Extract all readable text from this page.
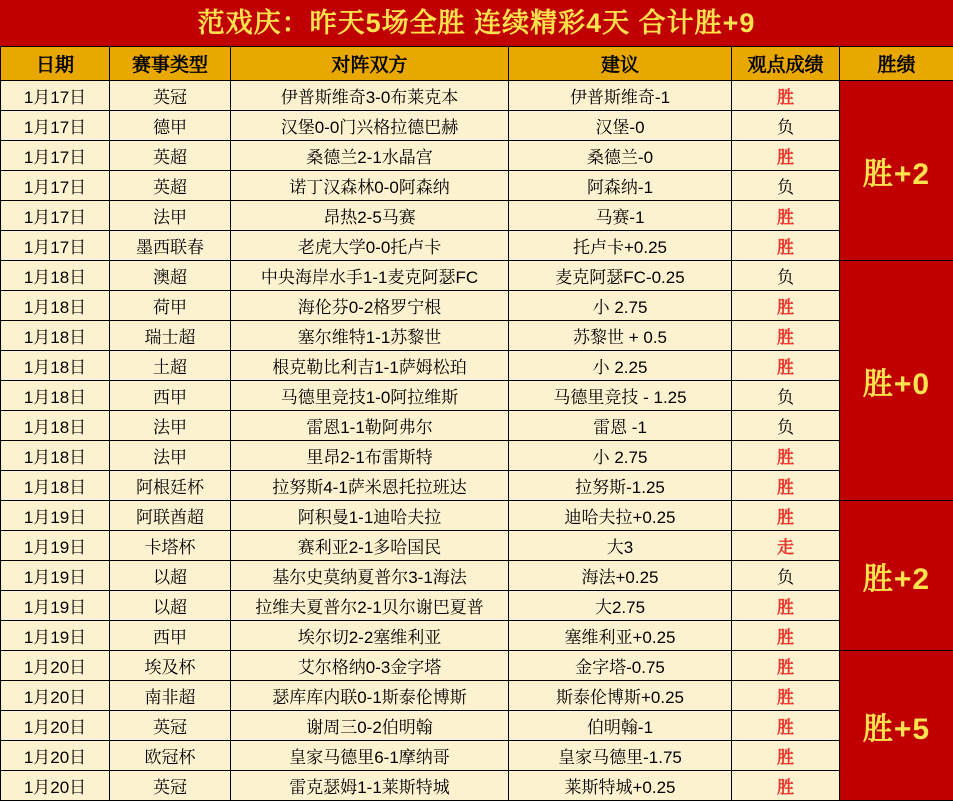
范戏庆：昨天5场全胜 连续精彩4天 合计胜+9
日期	赛事类型	对阵双方	建议	观点成绩	胜绩
1月17日	英冠	伊普斯维奇3-0布莱克本	伊普斯维奇-1	胜	胜+2
1月17日	德甲	汉堡0-0门兴格拉德巴赫	汉堡-0	负	
1月17日	英超	桑德兰2-1水晶宫	桑德兰-0	胜	
1月17日	英超	诺丁汉森林0-0阿森纳	阿森纳-1	负	
1月17日	法甲	昂热2-5马赛	马赛-1	胜	
1月17日	墨西联春	老虎大学0-0托卢卡	托卢卡+0.25	胜	
1月18日	澳超	中央海岸水手1-1麦克阿瑟FC	麦克阿瑟FC-0.25	负	胜+0
1月18日	荷甲	海伦芬0-2格罗宁根	小 2.75	胜	
1月18日	瑞士超	塞尔维特1-1苏黎世	苏黎世 + 0.5	胜	
1月18日	土超	根克勒比利吉1-1萨姆松珀	小 2.25	胜	
1月18日	西甲	马德里竞技1-0阿拉维斯	马德里竞技 - 1.25	负	
1月18日	法甲	雷恩1-1勒阿弗尔	雷恩 -1	负	
1月18日	法甲	里昂2-1布雷斯特	小 2.75	胜	
1月18日	阿根廷杯	拉努斯4-1萨米恩托拉班达	拉努斯-1.25	胜	
1月19日	阿联酋超	阿积曼1-1迪哈夫拉	迪哈夫拉+0.25	胜	胜+2
1月19日	卡塔杯	赛利亚2-1多哈国民	大3	走	
1月19日	以超	基尔史莫纳夏普尔3-1海法	海法+0.25	负	
1月19日	以超	拉维夫夏普尔2-1贝尔谢巴夏普	大2.75	胜	
1月19日	西甲	埃尔切2-2塞维利亚	塞维利亚+0.25	胜	
1月20日	埃及杯	艾尔格纳0-3金字塔	金字塔-0.75	胜	胜+5
1月20日	南非超	瑟库库内联0-1斯泰伦博斯	斯泰伦博斯+0.25	胜	
1月20日	英冠	谢周三0-2伯明翰	伯明翰-1	胜	
1月20日	欧冠杯	皇家马德里6-1摩纳哥	皇家马德里-1.75	胜	
1月20日	英冠	雷克瑟姆1-1莱斯特城	莱斯特城+0.25	胜	
